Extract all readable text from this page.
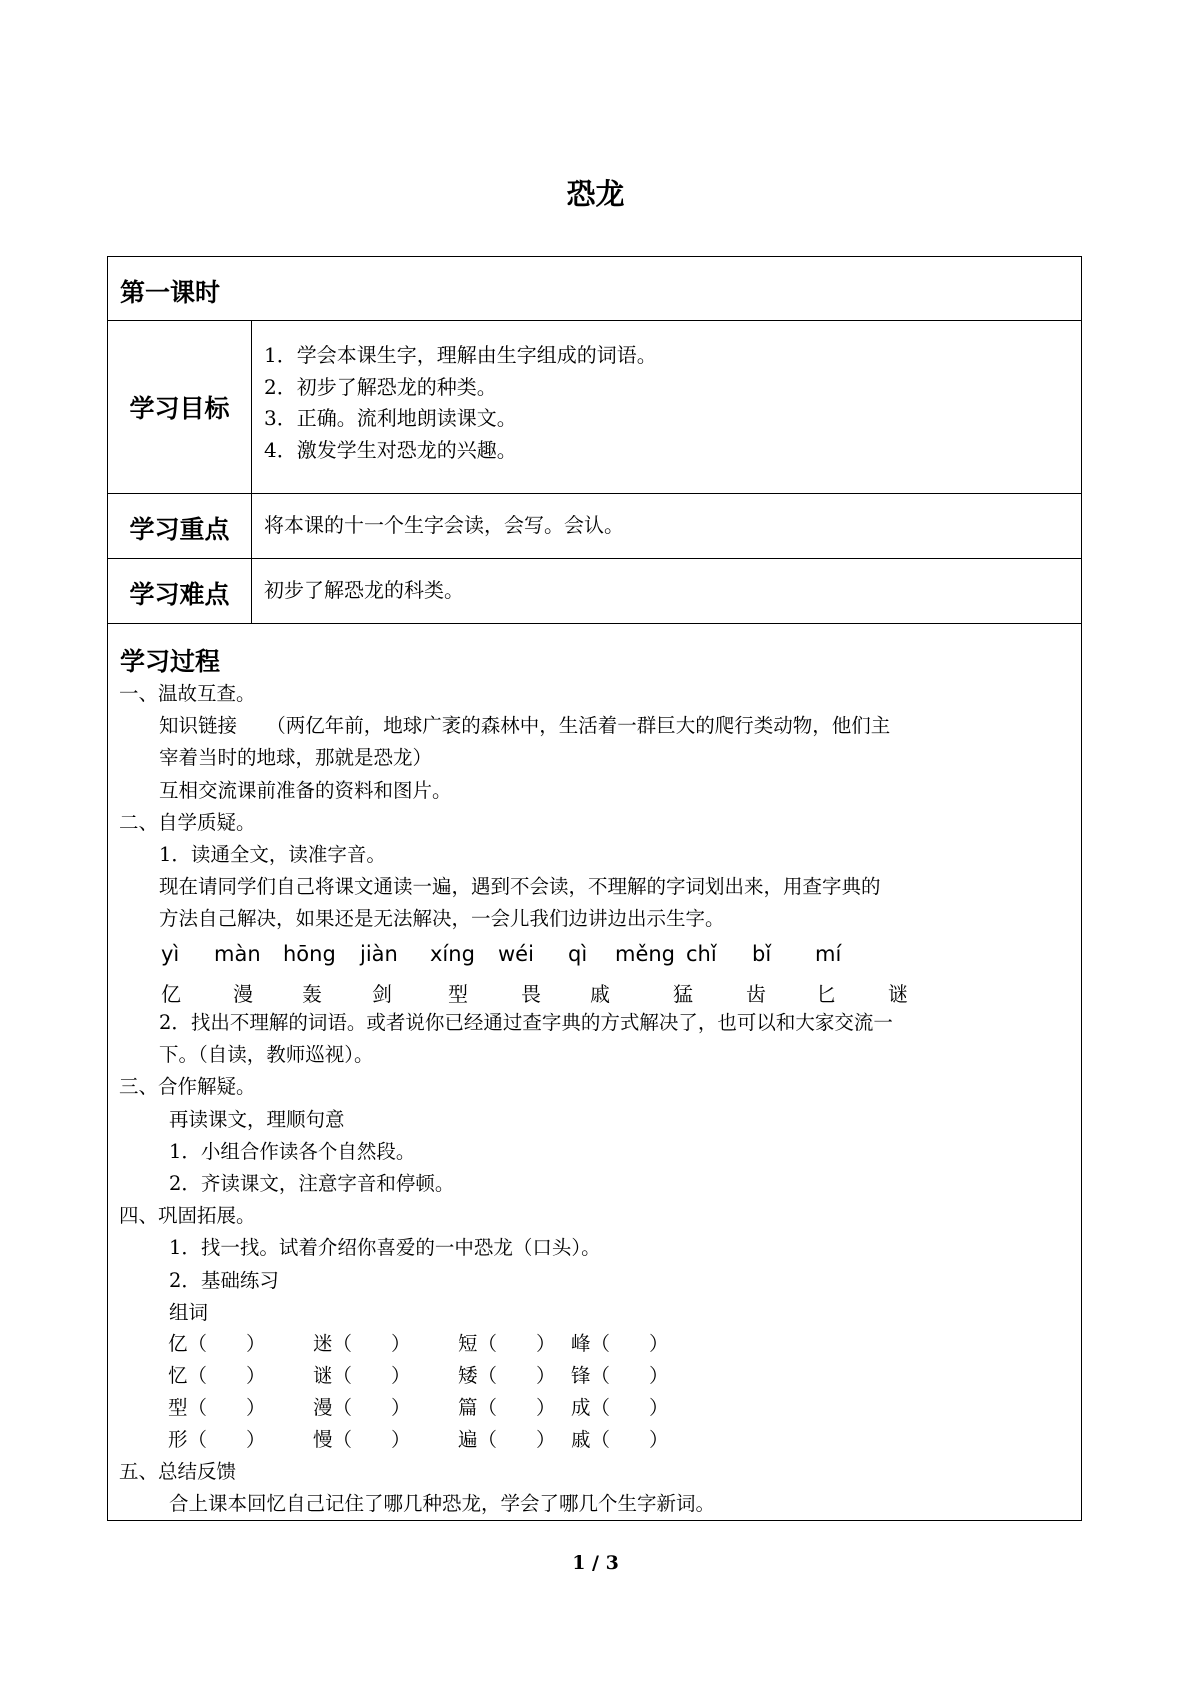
恐龙
第一课时
学习目标
1．学会本课生字，理解由生字组成的词语。
2．初步了解恐龙的种类。
3．正确。流利地朗读课文。
4．激发学生对恐龙的兴趣。
学习重点	将本课的十一个生字会读，会写。会认。
学习难点	初步了解恐龙的科类。
学习过程
一、温故互查。
知识链接　　（两亿年前，地球广袤的森林中，生活着一群巨大的爬行类动物，他们主
宰着当时的地球，那就是恐龙）
互相交流课前准备的资料和图片。
二、自学质疑。
1．读通全文，读准字音。
现在请同学们自己将课文通读一遍，遇到不会读，不理解的字词划出来，用查字典的
方法自己解决，如果还是无法解决，一会儿我们边讲边出示生字。
yì màn hōng jiàn xíng wéi qì měng chǐ bǐ mí
亿	漫 轰	剑	型	畏 戚	猛	齿	匕	谜
2．找出不理解的词语。或者说你已经通过查字典的方式解决了，也可以和大家交流一
下。（自读，教师巡视）。
三、合作解疑。
再读课文，理顺句意
1．小组合作读各个自然段。
2．齐读课文，注意字音和停顿。
四、巩固拓展。
1．找一找。试着介绍你喜爱的一中恐龙（口头）。
2．基础练习
组词
亿（　　） 迷（　　） 短（　　） 峰（　　）
忆（　　） 谜（　　） 矮（　　） 锋（　　）
型（　　） 漫（　　） 篇（　　） 成（　　）
形（　　） 慢（　　） 遍（　　） 戚（　　）
五、总结反馈
合上课本回忆自己记住了哪几种恐龙，学会了哪几个生字新词。
1 / 3
